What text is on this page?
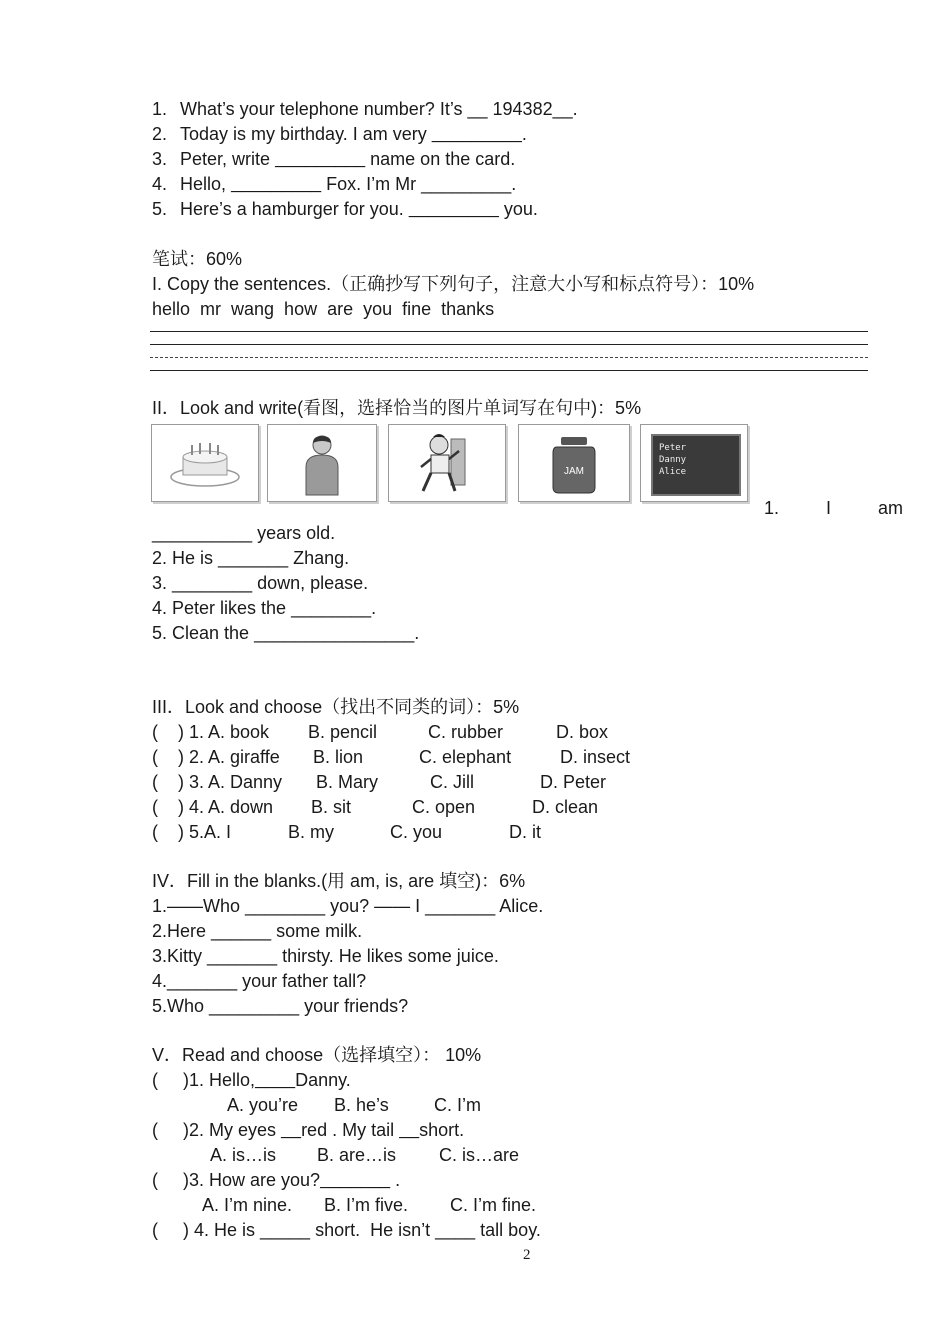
1. What’s your telephone number? It’s __ 194382__.
2. Today is my birthday. I am very _________.
3. Peter, write _________ name on the card.
4. Hello, _________ Fox. I’m Mr _________.
5. Here’s a hamburger for you. _________ you.
笔试：60%
I. Copy the sentences.（正确抄写下列句子，注意大小写和标点符号）：10%
hello  mr  wang  how  are  you  fine  thanks
II．Look and write(看图，选择恰当的图片单词写在句中)：5%
JAM
Peter
Danny
Alice
1.	I	am
__________ years old.
2. He is _______ Zhang.
3. ________ down, please.
4. Peter likes the ________.
5. Clean the ________________.
III．Look and choose（找出不同类的词）：5%
(    ) 1. A. book B. pencil	C. rubber	D. box
(    ) 2. A. giraffe B. lion	C. elephant	D. insect
(    ) 3. A. Danny B. Mary	C. Jill	D. Peter
(    ) 4. A. down B. sit	C. open	D. clean
(    ) 5.A. I	B. my	C. you	D. it
IV．Fill in the blanks.(用 am, is, are 填空)：6%
1.——Who ________ you? —— I _______ Alice.
2.Here ______ some milk.
3.Kitty _______ thirsty. He likes some juice.
4._______ your father tall?
5.Who _________ your friends?
V．Read and choose（选择填空）： 10%
(     )1. Hello,____Danny.
A. you’re B. he’s	C. I’m
(     )2. My eyes __red . My tail __short.
A. is…is B. are…is C. is…are
(     )3. How are you?_______ .
A. I’m nine. B. I’m five. C. I’m fine.
(     ) 4. He is _____ short.  He isn’t ____ tall boy.
2
